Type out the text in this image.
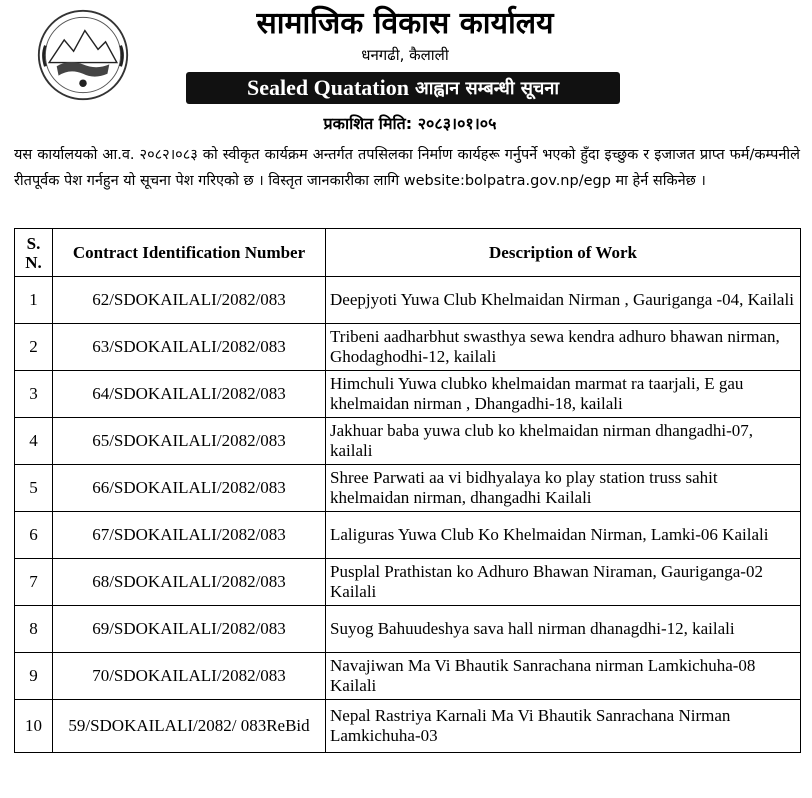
सामाजिक विकास कार्यालय
धनगढी, कैलाली
Sealed Quatation आह्वान सम्बन्धी सूचना
प्रकाशित मिति: २०८३।०१।०५
यस कार्यालयको आ.व. २०८२।०८३ को स्वीकृत कार्यक्रम अन्तर्गत तपसिलका निर्माण कार्यहरू गर्नुपर्ने भएको हुँदा इच्छुक र इजाजत प्राप्त फर्म/कम्पनीले रीतपूर्वक पेश गर्नहुन यो सूचना पेश गरिएको छ । विस्तृत जानकारीका लागि website:bolpatra.gov.np/egp मा हेर्न सकिनेछ ।
S. N.	Contract Identification Number	Description of Work
1	62/SDOKAILALI/2082/083	Deepjyoti Yuwa Club Khelmaidan Nirman , Gauriganga -04, Kailali
2	63/SDOKAILALI/2082/083	Tribeni aadharbhut swasthya sewa kendra adhuro bhawan nirman, Ghodaghodhi-12, kailali
3	64/SDOKAILALI/2082/083	Himchuli Yuwa clubko khelmaidan marmat ra taarjali, E gau khelmaidan nirman , Dhangadhi-18, kailali
4	65/SDOKAILALI/2082/083	Jakhuar baba yuwa club ko khelmaidan nirman dhangadhi-07, kailali
5	66/SDOKAILALI/2082/083	Shree Parwati aa vi bidhyalaya ko play station truss sahit khelmaidan nirman, dhangadhi Kailali
6	67/SDOKAILALI/2082/083	Laliguras Yuwa Club Ko Khelmaidan Nirman, Lamki-06 Kailali
7	68/SDOKAILALI/2082/083	Pusplal Prathistan ko Adhuro Bhawan Niraman, Gauriganga-02 Kailali
8	69/SDOKAILALI/2082/083	Suyog Bahuudeshya sava hall nirman dhanagdhi-12, kailali
9	70/SDOKAILALI/2082/083	Navajiwan Ma Vi Bhautik Sanrachana nirman Lamkichuha-08 Kailali
10	59/SDOKAILALI/2082/ 083ReBid	Nepal Rastriya Karnali Ma Vi Bhautik Sanrachana Nirman Lamkichuha-03
